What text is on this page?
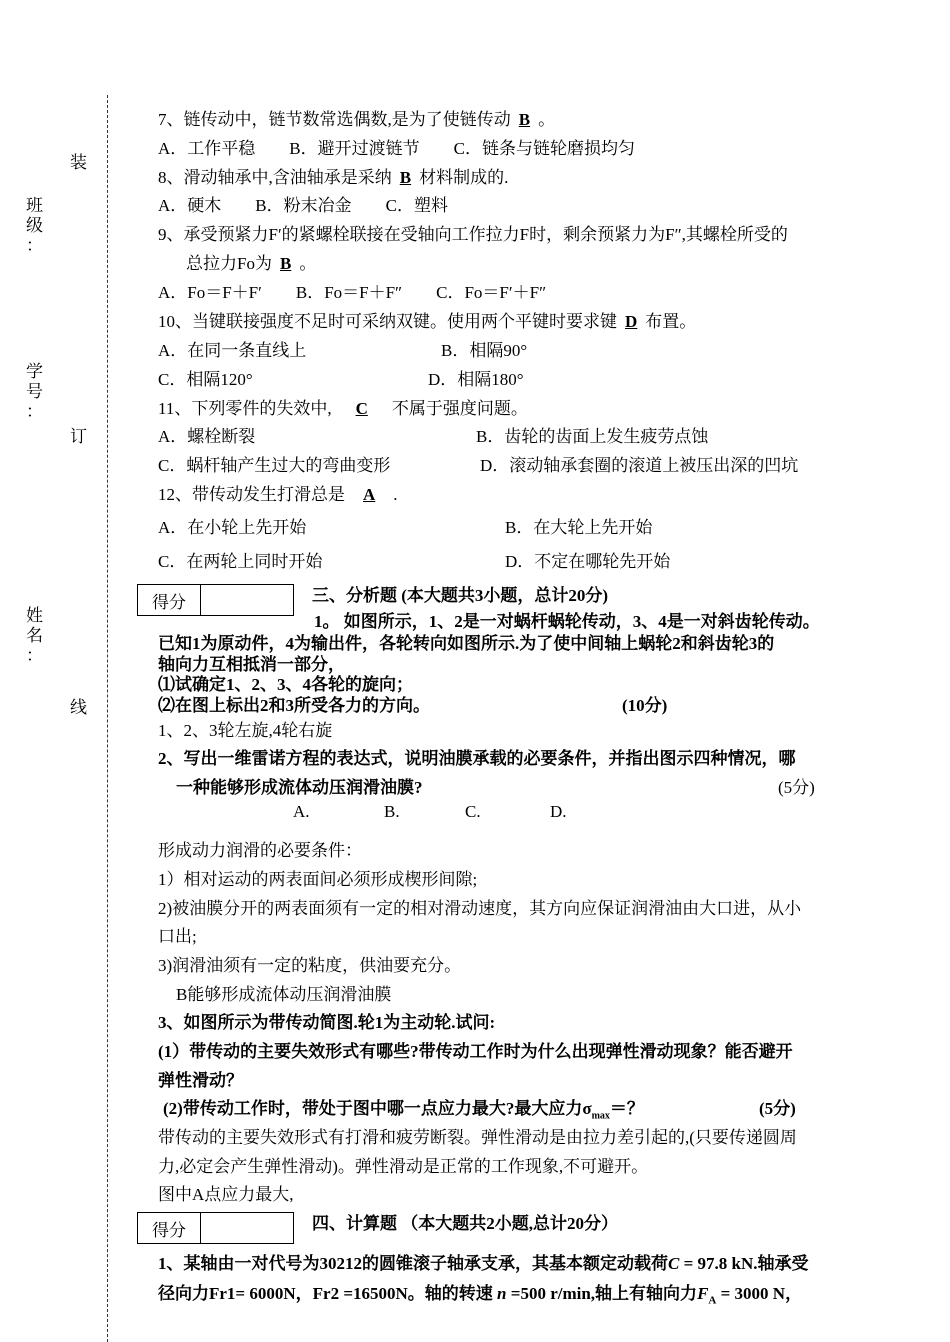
装
订
线
班级
：
学号
：
姓名
：
7、链传动中，链节数常选偶数,是为了使链传动 B 。
A．工作平稳　　B．避开过渡链节　　C．链条与链轮磨损均匀
8、滑动轴承中,含油轴承是采纳 B 材料制成的.
A．硬木　　B．粉末冶金　　C．塑料
9、承受预紧力F′的紧螺栓联接在受轴向工作拉力F时，剩余预紧力为F″,其螺栓所受的
总拉力Fo为 B 。
A．Fo＝F＋F′　　B．Fo＝F＋F″　　C．Fo＝F′＋F″
10、当键联接强度不足时可采纳双键。使用两个平键时要求键 D 布置。
A．在同一条直线上	B．相隔90°
C．相隔120°	D．相隔180°
11、下列零件的失效中, C 不属于强度问题。
A．螺栓断裂	B．齿轮的齿面上发生疲劳点蚀
C．蜗杆轴产生过大的弯曲变形	D．滚动轴承套圈的滚道上被压出深的凹坑
12、带传动发生打滑总是 A .
A．在小轮上先开始	B．在大轮上先开始
C．在两轮上同时开始	D．不定在哪轮先开始
得分	三、分析题 (本大题共3小题，总计20分)
1。 如图所示，1、2是一对蜗杆蜗轮传动，3、4是一对斜齿轮传动。
已知1为原动件，4为输出件，各轮转向如图所示.为了使中间轴上蜗轮2和斜齿轮3的
轴向力互相抵消一部分，
⑴试确定1、2、3、4各轮的旋向；
⑵在图上标出2和3所受各力的方向。	(10分)
1、2、3轮左旋,4轮右旋
2、写出一维雷诺方程的表达式，说明油膜承载的必要条件，并指出图示四种情况，哪
一种能够形成流体动压润滑油膜?	(5分)
A.	B.	C.	D.
形成动力润滑的必要条件：
1）相对运动的两表面间必须形成楔形间隙;
2)被油膜分开的两表面须有一定的相对滑动速度，其方向应保证润滑油由大口进，从小
口出;
3)润滑油须有一定的粘度，供油要充分。
B能够形成流体动压润滑油膜
3、如图所示为带传动简图.轮1为主动轮.试问:
(1）带传动的主要失效形式有哪些?带传动工作时为什么出现弹性滑动现象？能否避开
弹性滑动？
(2)带传动工作时，带处于图中哪一点应力最大?最大应力$\sigma_{max}=$？	(5分)
带传动的主要失效形式有打滑和疲劳断裂。弹性滑动是由拉力差引起的,(只要传递圆周
力,必定会产生弹性滑动)。弹性滑动是正常的工作现象,不可避开。
图中A点应力最大,
得分	四、计算题 （本大题共2小题,总计20分）
1、某轴由一对代号为30212的圆锥滚子轴承支承，其基本额定动载荷C = 97.8 kN.轴承受
径向力Fr1= 6000N，Fr2 =16500N。轴的转速 n =500 r/min,轴上有轴向力$F_A = 3000$ N，
